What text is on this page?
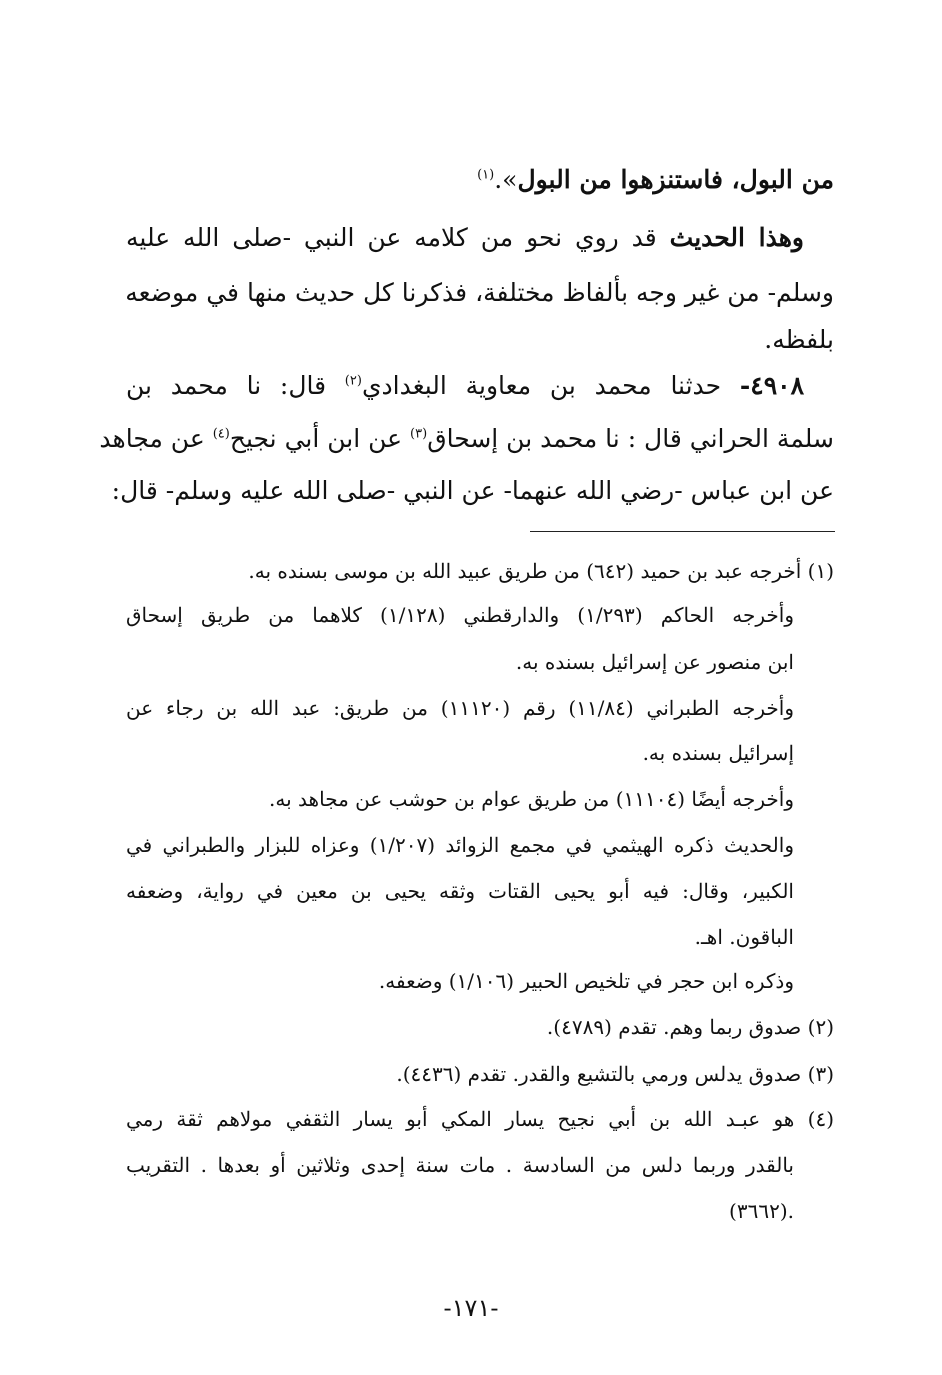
من البول، فاستنزهوا من البول».$^{(١)}$
وهذا الحديث قد روي نحو من كلامه عن النبي -صلى الله عليه
وسلم- من غير وجه بألفاظ مختلفة، فذكرنا كل حديث منها في موضعه
بلفظه.
٤٩٠٨- حدثنا محمد بن معاوية البغدادي$^{(٢)}$ قال: نا محمد بن
سلمة الحراني قال : نا محمد بن إسحاق$^{(٣)}$ عن ابن أبي نجيح$^{(٤)}$ عن مجاهد
عن ابن عباس -رضي الله عنهما- عن النبي -صلى الله عليه وسلم- قال:
(١) أخرجه عبد بن حميد (٦٤٢) من طريق عبيد الله بن موسى بسنده به.
وأخرجه الحاكم (١/٢٩٣) والدارقطني (١/١٢٨) كلاهما من طريق إسحاق
ابن منصور عن إسرائيل بسنده به.
وأخرجه الطبراني (١١/٨٤) رقم (١١١٢٠) من طريق: عبد الله بن رجاء عن
إسرائيل بسنده به.
وأخرجه أيضًا (١١١٠٤) من طريق عوام بن حوشب عن مجاهد به.
والحديث ذكره الهيثمي في مجمع الزوائد (١/٢٠٧) وعزاه للبزار والطبراني في
الكبير، وقال: فيه أبو يحيى القتات وثقه يحيى بن معين في رواية، وضعفه
الباقون. اهـ.
وذكره ابن حجر في تلخيص الحبير (١/١٠٦) وضعفه.
(٢) صدوق ربما وهم. تقدم (٤٧٨٩).
(٣) صدوق يدلس ورمي بالتشيع والقدر. تقدم (٤٤٣٦).
(٤) هو عبـد الله بن أبي نجيح يسار المكي أبو يسار الثقفي مولاهم ثقة رمي
بالقدر وربما دلس من السادسة . مات سنة إحدى وثلاثين أو بعدها . التقريب
(٣٦٦٢).
-١٧١-
